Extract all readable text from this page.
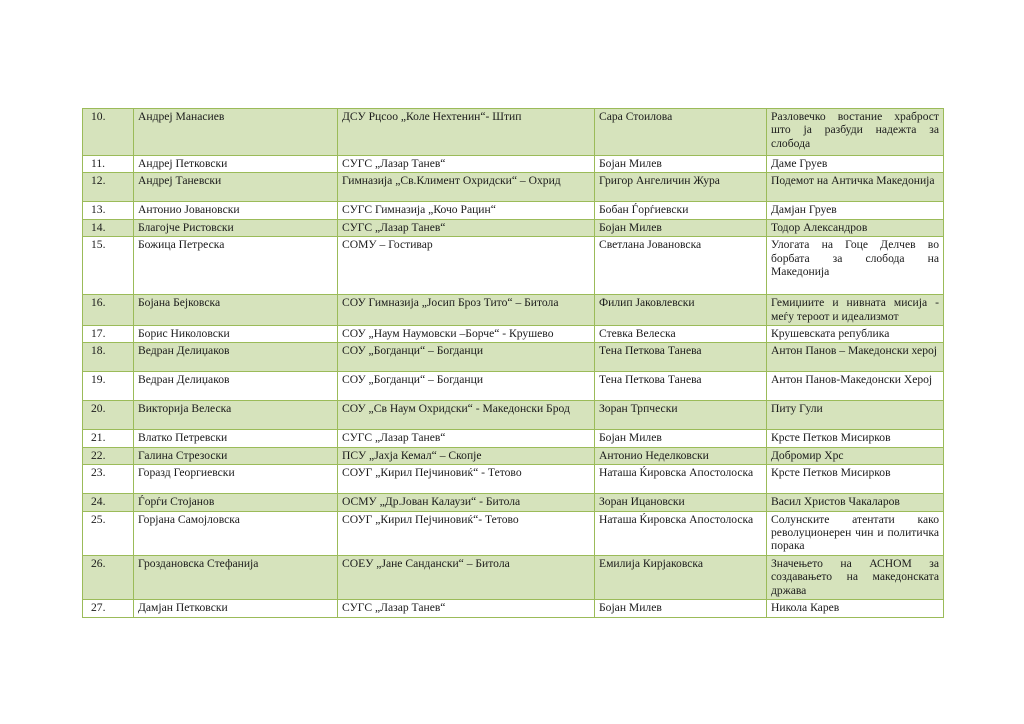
10.	Андреј Манасиев	ДСУ Рцсоо „Коле Нехтенин“- Штип	Сара Стоилова	Разловечко востание храброст што ја разбуди надежта за слобода
11.	Андреј Петковски	СУГС „Лазар Танев“	Бојан Милев	Даме Груев
12.	Андреј Таневски	Гимназија „Св.Климент Охридски“ – Охрид	Григор Ангеличин Жура	Подемот на Античка Македонија
13.	Антонио Јовановски	СУГС Гимназија „Кочо Рацин“	Бобан Ѓорѓиевски	Дамјан Груев
14.	Благојче Ристовски	СУГС „Лазар Танев“	Бојан Милев	Тодор Александров
15.	Божица Петреска	СОМУ – Гостивар	Светлана Јовановска	Улогата на Гоце Делчев во борбата за слобода на Македонија
16.	Бојана Бејковска	СОУ Гимназија „Јосип Броз Тито“ – Битола	Филип Јаковлевски	Гемиџиите и нивната мисија - меѓу тероот и идеализмот
17.	Борис Николовски	СОУ „Наум Наумовски –Борче“ - Крушево	Стевка Велеска	Крушевската република
18.	Ведран Делиџаков	СОУ „Богданци“ – Богданци	Тена Петкова Танева	Антон Панов – Македонски херој
19.	Ведран Делиџаков	СОУ „Богданци“ – Богданци	Тена Петкова Танева	Антон Панов-Македонски Херој
20.	Викторија Велеска	СОУ „Св Наум Охридски“ - Македонски Брод	Зоран Трпчески	Питу Гули
21.	Влатко Петревски	СУГС „Лазар Танев“	Бојан Милев	Крсте Петков Мисирков
22.	Галина Стрезоски	ПСУ „Јахја Кемал“ – Скопје	Антонио Неделковски	Добромир Хрс
23.	Горазд Георгиевски	СОУГ „Кирил Пејчиновиќ“ - Тетово	Наташа Ќировска Апостолоска	Крсте Петков Мисирков
24.	Ѓорѓи Стојанов	ОСМУ „Др.Јован Калаузи“ - Битола	Зоран Ицановски	Васил Христов Чакаларов
25.	Горјана Самојловска	СОУГ „Кирил Пејчиновиќ“- Тетово	Наташа Ќировска Апостолоска	Солунските атентати како револуционерен чин и политичка порака
26.	Гроздановска Стефанија	СОЕУ „Јане Сандански“ – Битола	Емилија Кирјаковска	Значењето на АСНОМ за создавањето на македонската држава
27.	Дамјан Петковски	СУГС „Лазар Танев“	Бојан Милев	Никола Карев
